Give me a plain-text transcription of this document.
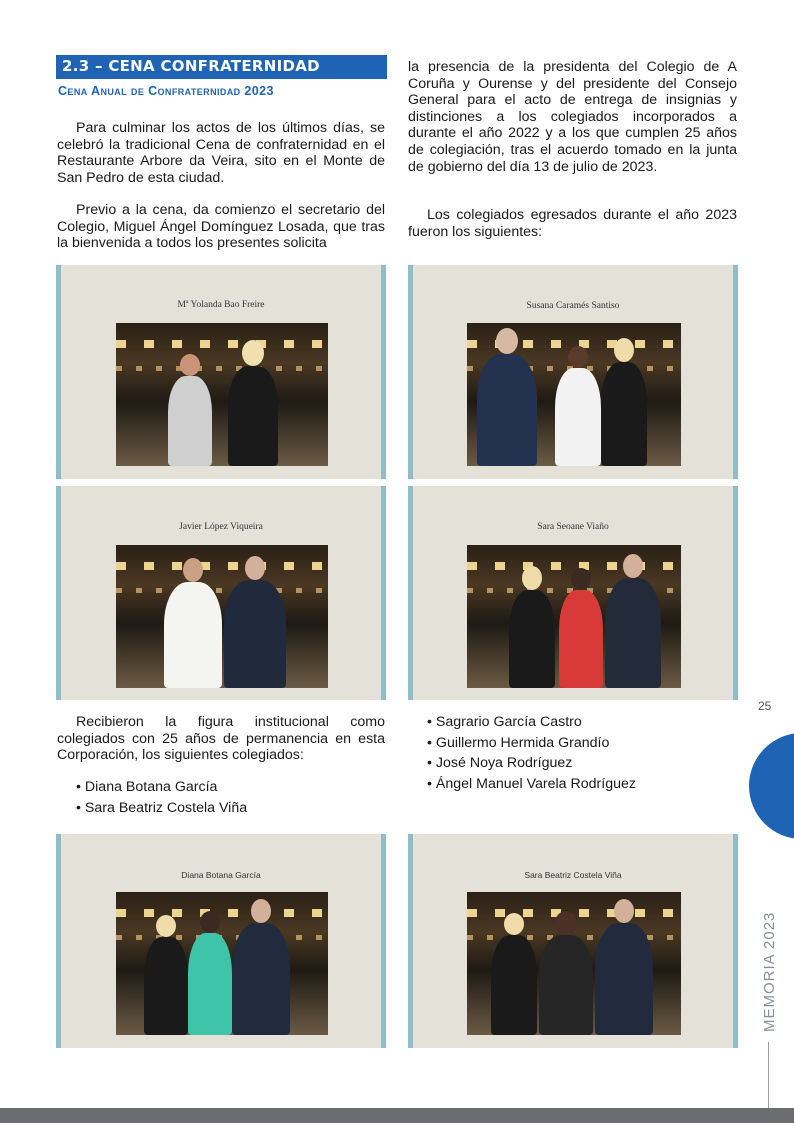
2.3 – CENA CONFRATERNIDAD
Cena Anual de Confraternidad 2023

Para culminar los actos de los últimos días, se celebró la tradicional Cena de confraternidad en el Restaurante Arbore da Veira, sito en el Monte de San Pedro de esta ciudad.

Previo a la cena, da comienzo el secretario del Colegio, Miguel Ángel Domínguez Losada, que tras la bienvenida a todos los presentes solicita

la presencia de la presidenta del Colegio de A Coruña y Ourense y del presidente del Consejo General para el acto de entrega de insignias y distinciones a los colegiados incorporados a durante el año 2022 y a los que cumplen 25 años de colegiación, tras el acuerdo tomado en la junta de gobierno del día 13 de julio de 2023.

Los colegiados egresados durante el año 2023 fueron los siguientes:

Mª Yolanda Bao Freire	Susana Caramés Santiso
Javier López Viqueira	Sara Seoane Viaño

Recibieron la figura institucional como colegiados con 25 años de permanencia en esta Corporación, los siguientes colegiados:

• Diana Botana García
• Sara Beatriz Costela Viña
• Sagrario García Castro
• Guillermo Hermida Grandío
• José Noya Rodríguez
• Ángel Manuel Varela Rodríguez
Diana Botana García	Sara Beatriz Costela Viña
25
MEMORIA 2023
